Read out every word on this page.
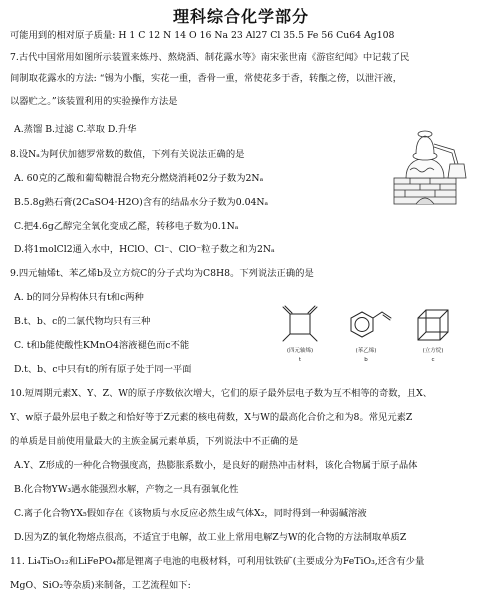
理科综合化学部分
可能用到的相对原子质量: H 1 C 12 N 14 O 16 Na 23 Al27 Cl 35.5 Fe 56 Cu64 Ag108
7.古代中国常用如图所示装置来炼丹、熬烧酒、制花露水等》南宋张世南《游宦纪闻》中记载了民
间制取花露水的方法: “锡为小甑，实花一重，香骨一重，常使花多于香，转甑之傍，以泄汗液，
以器贮之。”该装置利用的实验操作方法是
A.蒸馏 B.过滤 C.萃取 D.升华
8.设Nₐ为阿伏加德罗常数的数值，下列有关说法正确的是
A. 60克的乙酸和葡萄糖混合物充分燃烧消耗02分子数为2Nₐ
B.5.8g熟石膏(2CaSO4·H2O)含有的结晶水分子数为0.04Nₐ
C.把4.6g乙醇完全氧化变成乙醛，转移电子数为0.1Nₐ
D.将1molCl2通入水中，HClO、Cl⁻、ClO⁻粒子数之和为2Nₐ
9.四元轴烯t、苯乙烯b及立方烷C的分子式均为C8H8。下列说法正确的是
A. b的同分异构体只有t和c两种
B.t、b、c的二氯代物均只有三种
C. t和b能使酸性KMnO4溶液褪色而c不能
D.t、b、c中只有t的所有原子处于同一平面
(四元轴烯)
t
(苯乙烯)
b
(立方烷)
c
10.短周期元素X、Y、Z、W的原子序数依次增大，它们的原子最外层电子数为互不相等的奇数，且X、
Y、w原子最外层电子数之和恰好等于Z元素的核电荷数，X与W的最高化合价之和为8。常见元素Z
的单质是目前使用量最大的主族金属元素单质，下列说法中不正确的是
A.Y、Z形成的一种化合物强度高，热膨胀系数小，是良好的耐热冲击材料，该化合物属于原子晶体
B.化合物YW₃遇水能强烈水解，产物之一具有强氧化性
C.离子化合物YX₅假如存在《该物质与水反应必然生成气体X₂，同时得到一种弱碱溶液
D.因为Z的氧化物熔点很高，不适宜于电解，故工业上常用电解Z与W的化合物的方法制取单质Z
11. Li₄Ti₅O₁₂和LiFePO₄都是锂离子电池的电极材料，可利用钛铁矿(主要成分为FeTiO₃,还含有少量
MgO、SiO₂等杂质)来制备，工艺流程如下:
